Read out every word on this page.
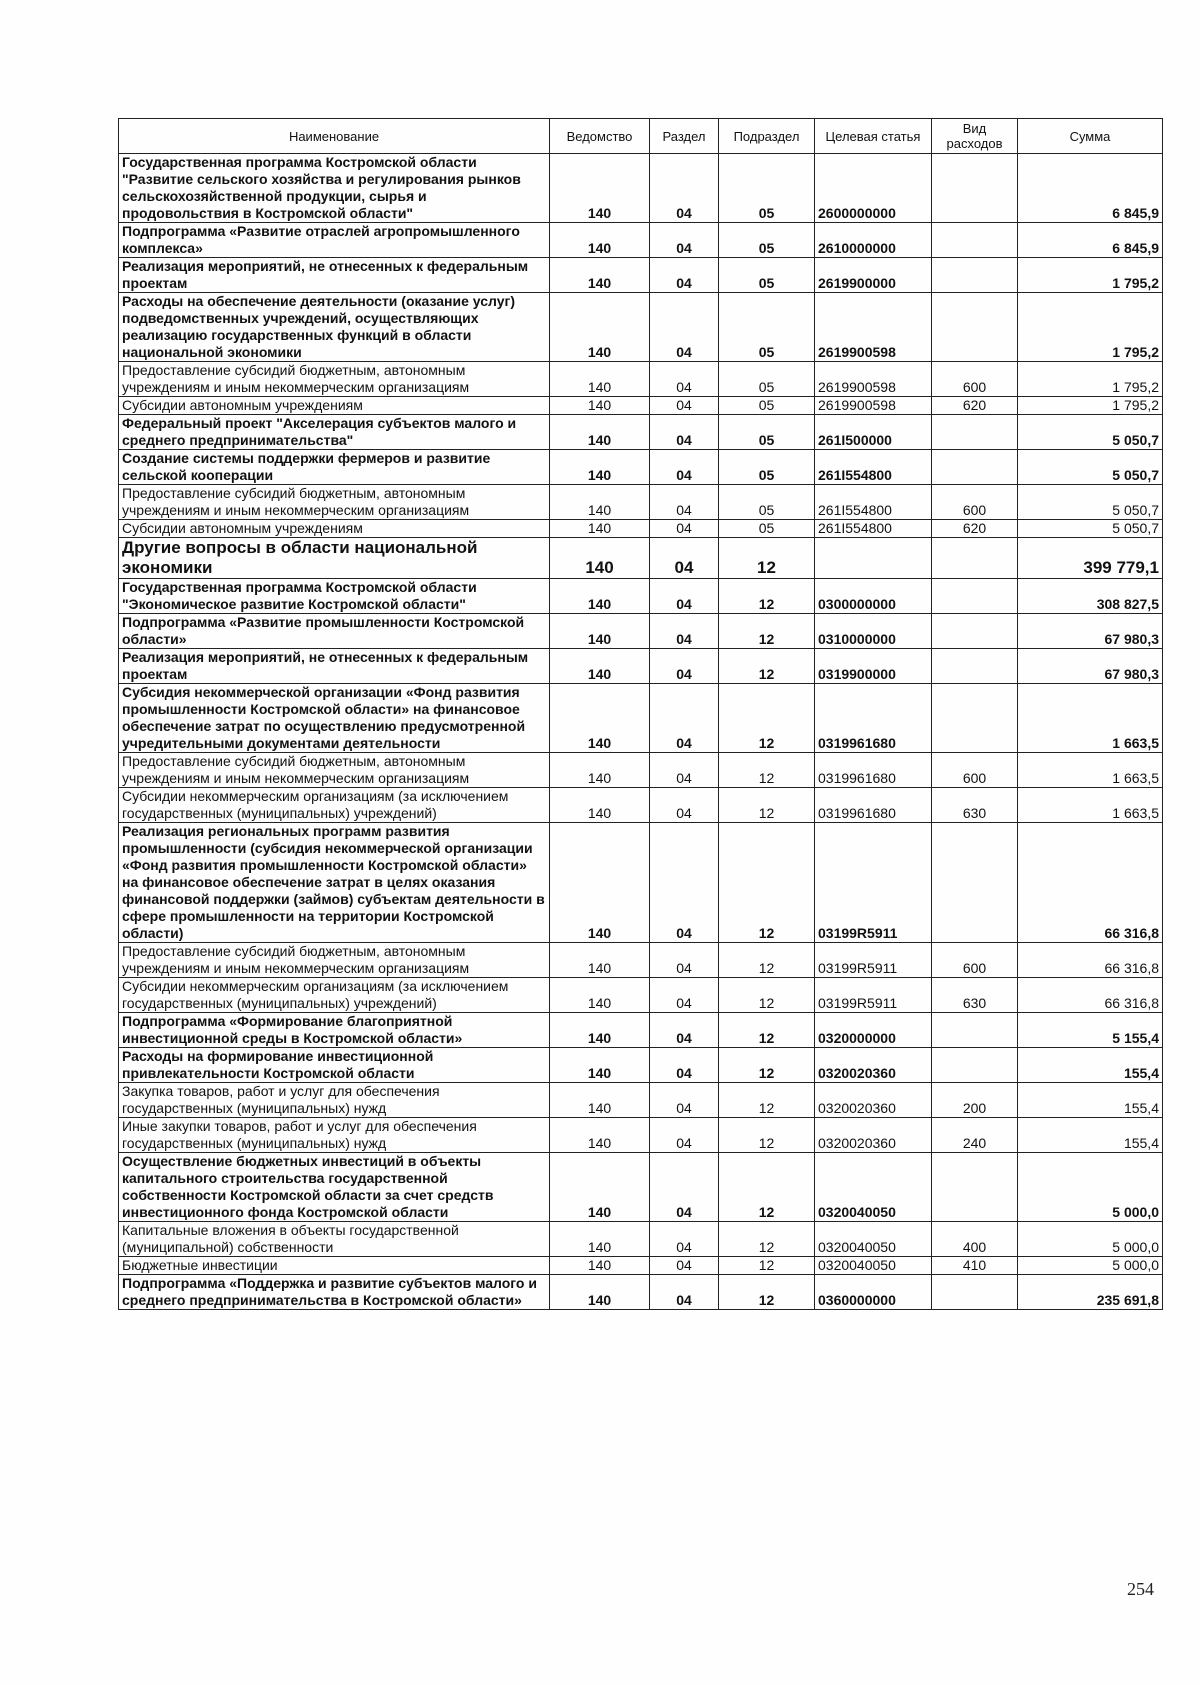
Наименование	Ведомство	Раздел	Подраздел	Целевая статья	Вид расходов	Сумма
Государственная программа Костромской области "Развитие сельского хозяйства и регулирования рынков сельскохозяйственной продукции, сырья и продовольствия в Костромской области"	140	04	05	2600000000		6 845,9
Подпрограмма «Развитие отраслей агропромышленного комплекса»	140	04	05	2610000000		6 845,9
Реализация мероприятий, не отнесенных к федеральным проектам	140	04	05	2619900000		1 795,2
Расходы на обеспечение деятельности (оказание услуг) подведомственных учреждений, осуществляющих реализацию государственных функций в области национальной экономики	140	04	05	2619900598		1 795,2
Предоставление субсидий бюджетным, автономным учреждениям и иным некоммерческим организациям	140	04	05	2619900598	600	1 795,2
Субсидии автономным учреждениям	140	04	05	2619900598	620	1 795,2
Федеральный проект "Акселерация субъектов малого и среднего предпринимательства"	140	04	05	261I500000		5 050,7
Создание системы поддержки фермеров и развитие сельской кооперации	140	04	05	261I554800		5 050,7
Предоставление субсидий бюджетным, автономным учреждениям и иным некоммерческим организациям	140	04	05	261I554800	600	5 050,7
Субсидии автономным учреждениям	140	04	05	261I554800	620	5 050,7
Другие вопросы в области национальной экономики	140	04	12			399 779,1
Государственная программа Костромской области "Экономическое развитие Костромской области"	140	04	12	0300000000		308 827,5
Подпрограмма «Развитие промышленности Костромской области»	140	04	12	0310000000		67 980,3
Реализация мероприятий, не отнесенных к федеральным проектам	140	04	12	0319900000		67 980,3
Субсидия некоммерческой организации «Фонд развития промышленности Костромской области» на финансовое обеспечение затрат по осуществлению предусмотренной учредительными документами деятельности	140	04	12	0319961680		1 663,5
Предоставление субсидий бюджетным, автономным учреждениям и иным некоммерческим организациям	140	04	12	0319961680	600	1 663,5
Субсидии некоммерческим организациям (за исключением государственных (муниципальных) учреждений)	140	04	12	0319961680	630	1 663,5
Реализация региональных программ развития промышленности (субсидия некоммерческой организации «Фонд развития промышленности Костромской области» на финансовое обеспечение затрат в целях оказания финансовой поддержки (займов) субъектам деятельности в сфере промышленности на территории Костромской области)	140	04	12	03199R5911		66 316,8
Предоставление субсидий бюджетным, автономным учреждениям и иным некоммерческим организациям	140	04	12	03199R5911	600	66 316,8
Субсидии некоммерческим организациям (за исключением государственных (муниципальных) учреждений)	140	04	12	03199R5911	630	66 316,8
Подпрограмма «Формирование благоприятной инвестиционной среды в Костромской области»	140	04	12	0320000000		5 155,4
Расходы на формирование инвестиционной привлекательности Костромской области	140	04	12	0320020360		155,4
Закупка товаров, работ и услуг для обеспечения государственных (муниципальных) нужд	140	04	12	0320020360	200	155,4
Иные закупки товаров, работ и услуг для обеспечения государственных (муниципальных) нужд	140	04	12	0320020360	240	155,4
Осуществление бюджетных инвестиций в объекты капитального строительства государственной собственности Костромской области за счет средств инвестиционного фонда Костромской области	140	04	12	0320040050		5 000,0
Капитальные вложения в объекты государственной (муниципальной) собственности	140	04	12	0320040050	400	5 000,0
Бюджетные инвестиции	140	04	12	0320040050	410	5 000,0
Подпрограмма «Поддержка и развитие субъектов малого и среднего предпринимательства в Костромской области»	140	04	12	0360000000		235 691,8
254
